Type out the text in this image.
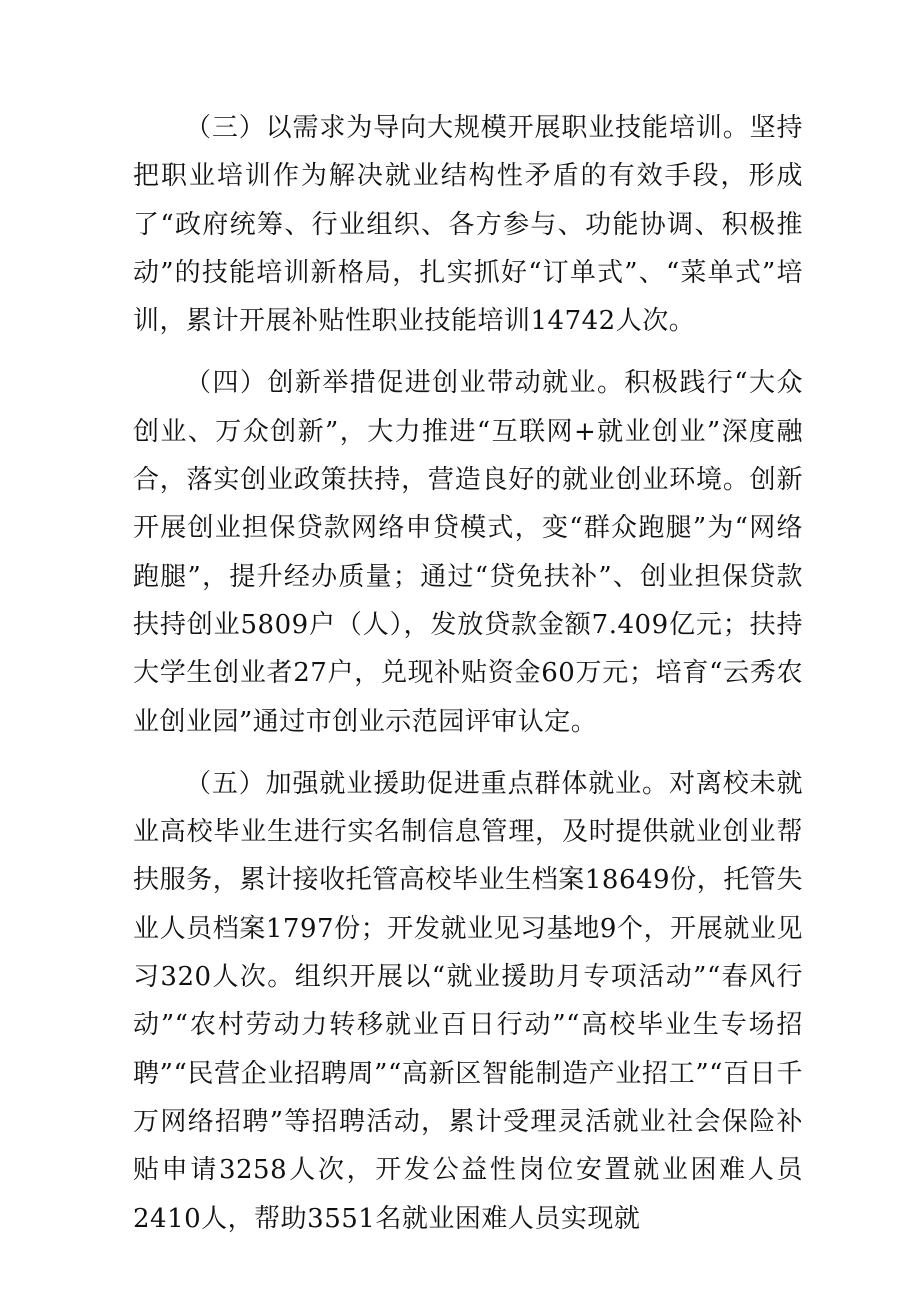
（三）以需求为导向大规模开展职业技能培训。坚持把职业培训作为解决就业结构性矛盾的有效手段，形成了“政府统筹、行业组织、各方参与、功能协调、积极推动”的技能培训新格局，扎实抓好“订单式”、“菜单式”培训，累计开展补贴性职业技能培训14742人次。

（四）创新举措促进创业带动就业。积极践行“大众创业、万众创新”，大力推进“互联网+就业创业”深度融合，落实创业政策扶持，营造良好的就业创业环境。创新开展创业担保贷款网络申贷模式，变“群众跑腿”为“网络跑腿”，提升经办质量；通过“贷免扶补”、创业担保贷款扶持创业5809户（人），发放贷款金额7.409亿元；扶持大学生创业者27户，兑现补贴资金60万元；培育“云秀农业创业园”通过市创业示范园评审认定。

（五）加强就业援助促进重点群体就业。对离校未就业高校毕业生进行实名制信息管理，及时提供就业创业帮扶服务，累计接收托管高校毕业生档案18649份，托管失业人员档案1797份；开发就业见习基地9个，开展就业见习320人次。组织开展以“就业援助月专项活动”“春风行动”“农村劳动力转移就业百日行动”“高校毕业生专场招聘”“民营企业招聘周”“高新区智能制造产业招工”“百日千万网络招聘”等招聘活动，累计受理灵活就业社会保险补贴申请3258人次，开发公益性岗位安置就业困难人员2410人，帮助3551名就业困难人员实现就
